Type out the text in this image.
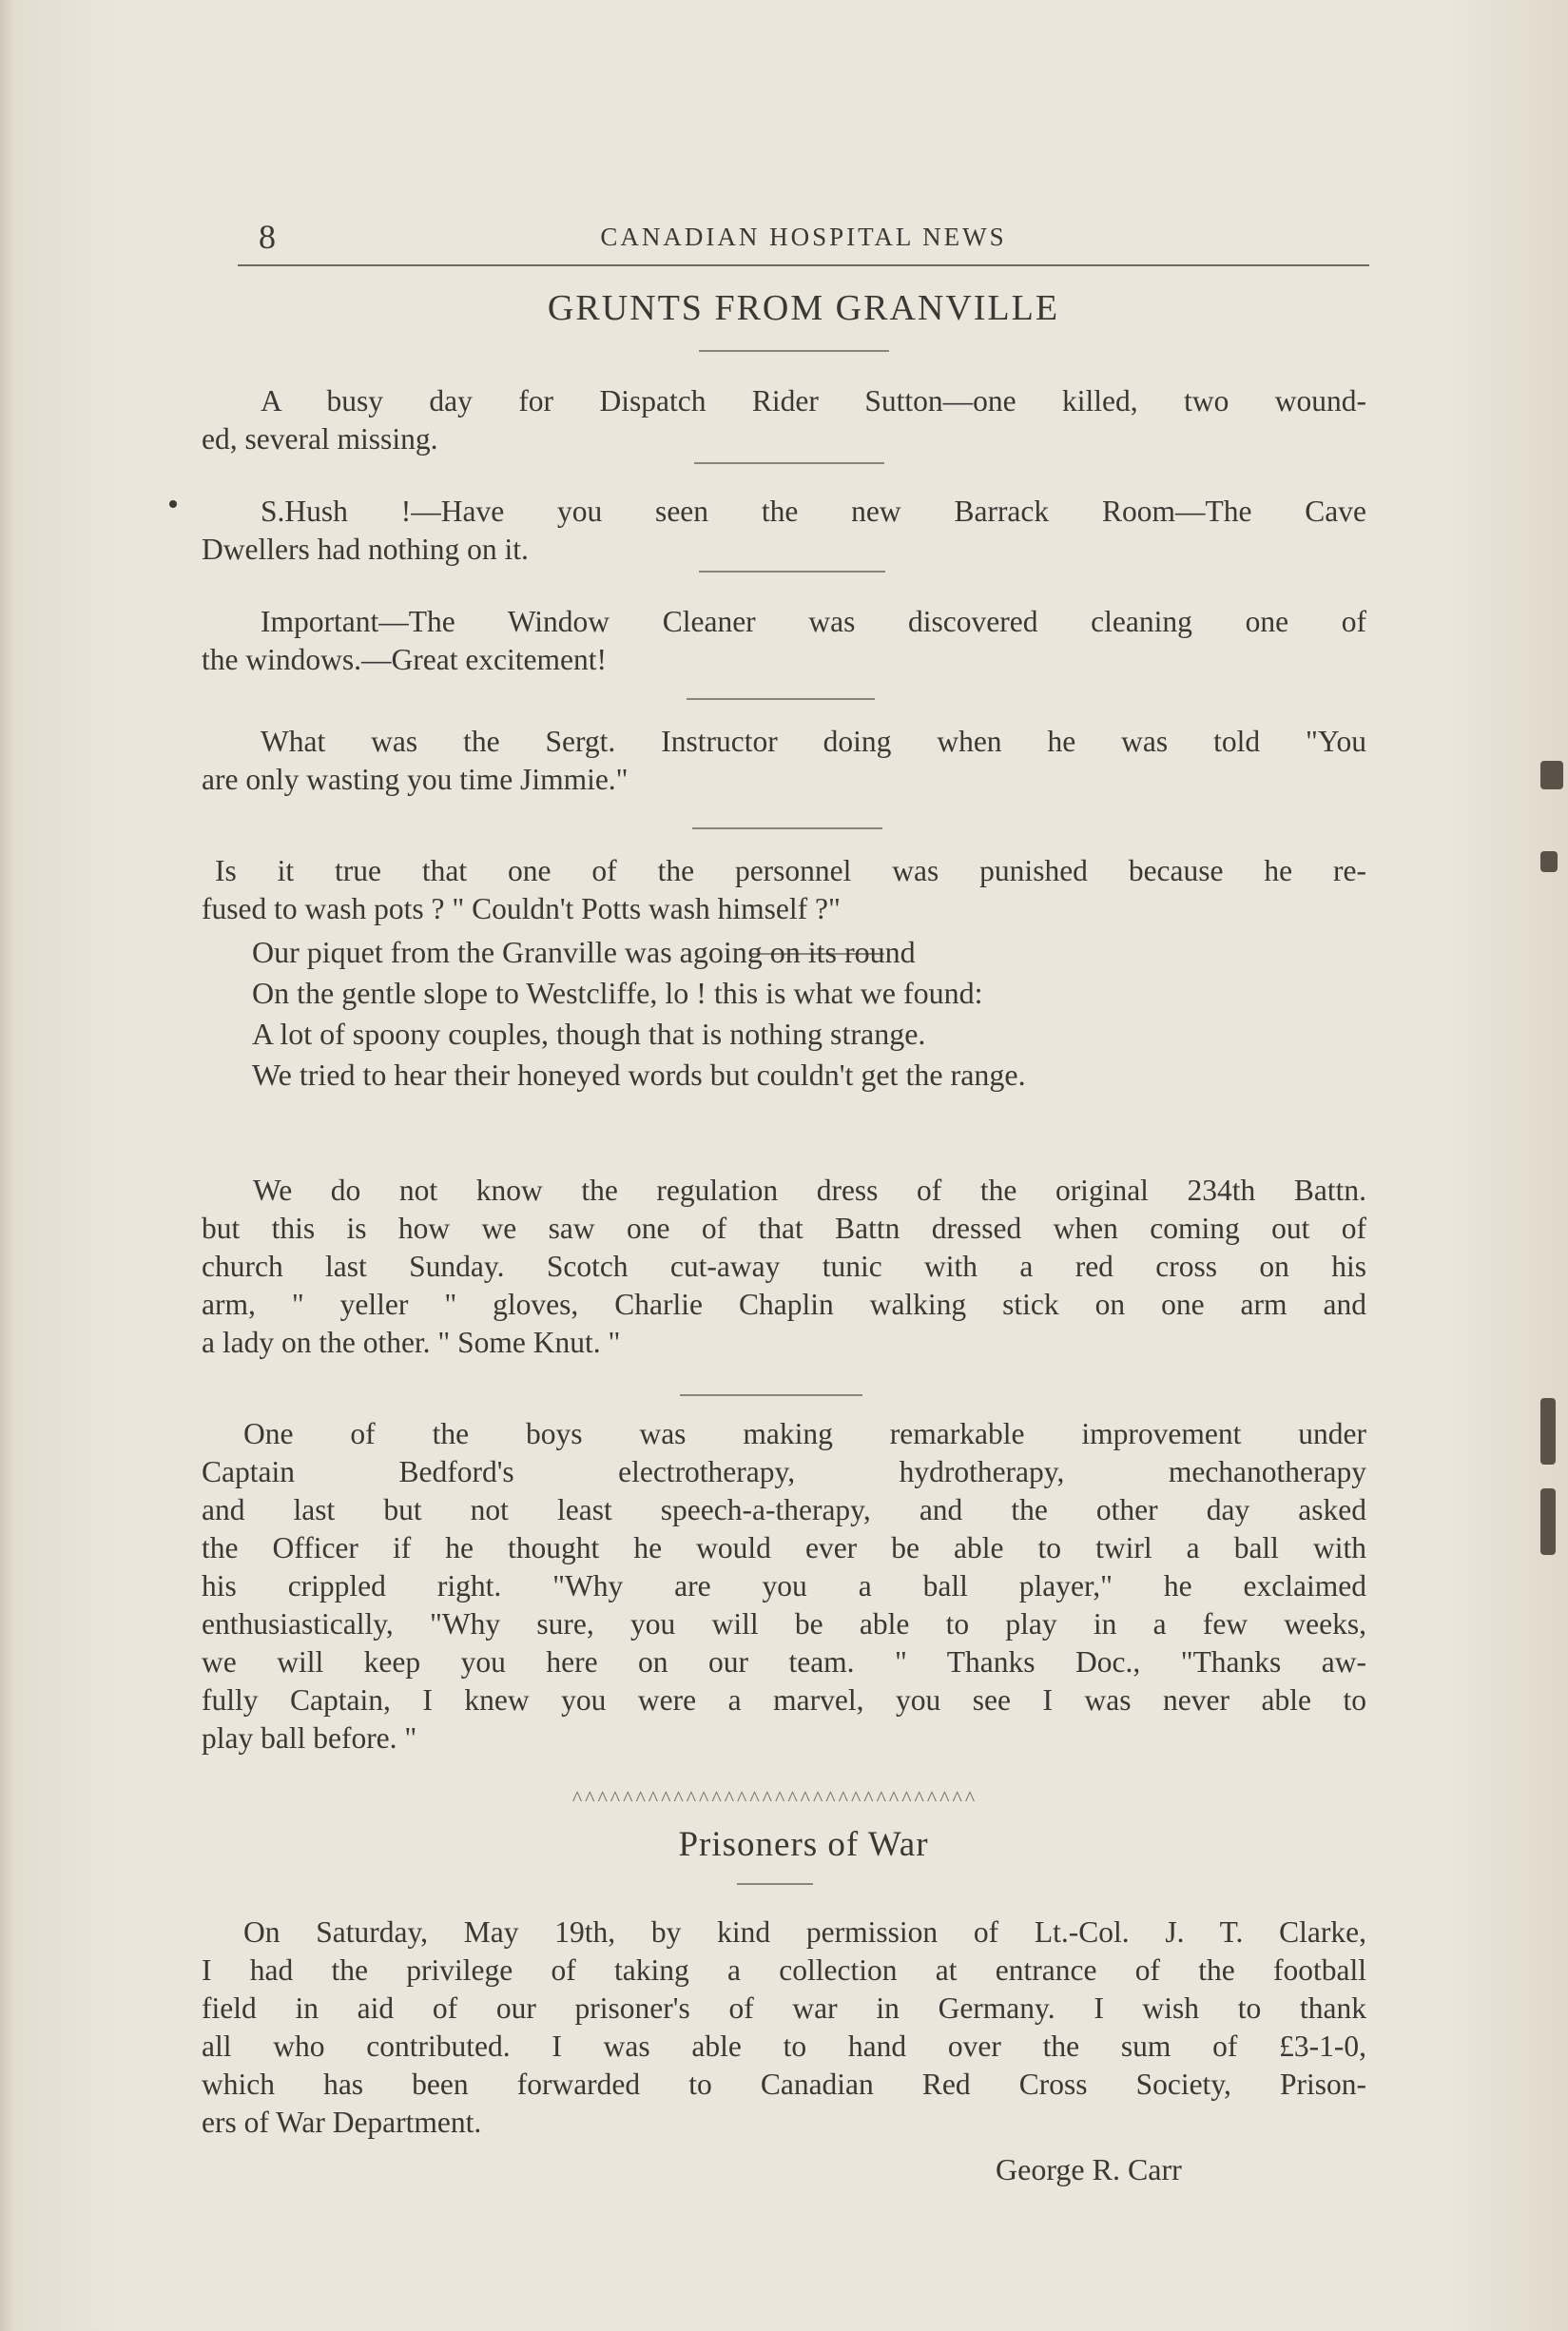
8	CANADIAN HOSPITAL NEWS
GRUNTS FROM GRANVILLE
A busy day for Dispatch Rider Sutton—one killed, two wound-
ed, several missing.
S.Hush !—Have you seen the new Barrack Room—The Cave
Dwellers had nothing on it.
Important—The Window Cleaner was discovered cleaning one of
the windows.—Great excitement!
What was the Sergt. Instructor doing when he was told "You
are only wasting you time Jimmie."
Is it true that one of the personnel was punished because he re-
fused to wash pots ? " Couldn't Potts wash himself ?"
Our piquet from the Granville was agoing on its round
On the gentle slope to Westcliffe, lo ! this is what we found:
A lot of spoony couples, though that is nothing strange.
We tried to hear their honeyed words but couldn't get the range.
We do not know the regulation dress of the original 234th Battn.
but this is how we saw one of that Battn dressed when coming out of
church last Sunday. Scotch cut-away tunic with a red cross on his
arm, " yeller " gloves, Charlie Chaplin walking stick on one arm and
a lady on the other. " Some Knut. "
One of the boys was making remarkable improvement under
Captain Bedford's electrotherapy, hydrotherapy, mechanotherapy
and last but not least speech-a-therapy, and the other day asked
the Officer if he thought he would ever be able to twirl a ball with
his crippled right. "Why are you a ball player," he exclaimed
enthusiastically, "Why sure, you will be able to play in a few weeks,
we will keep you here on our team. " Thanks Doc., "Thanks aw-
fully Captain, I knew you were a marvel, you see I was never able to
play ball before. "
^^^^^^^^^^^^^^^^^^^^^^^^^^^^^^^^
Prisoners of War
On Saturday, May 19th, by kind permission of Lt.-Col. J. T. Clarke,
I had the privilege of taking a collection at entrance of the football
field in aid of our prisoner's of war in Germany. I wish to thank
all who contributed. I was able to hand over the sum of £3-1-0,
which has been forwarded to Canadian Red Cross Society, Prison-
ers of War Department.
George R. Carr
